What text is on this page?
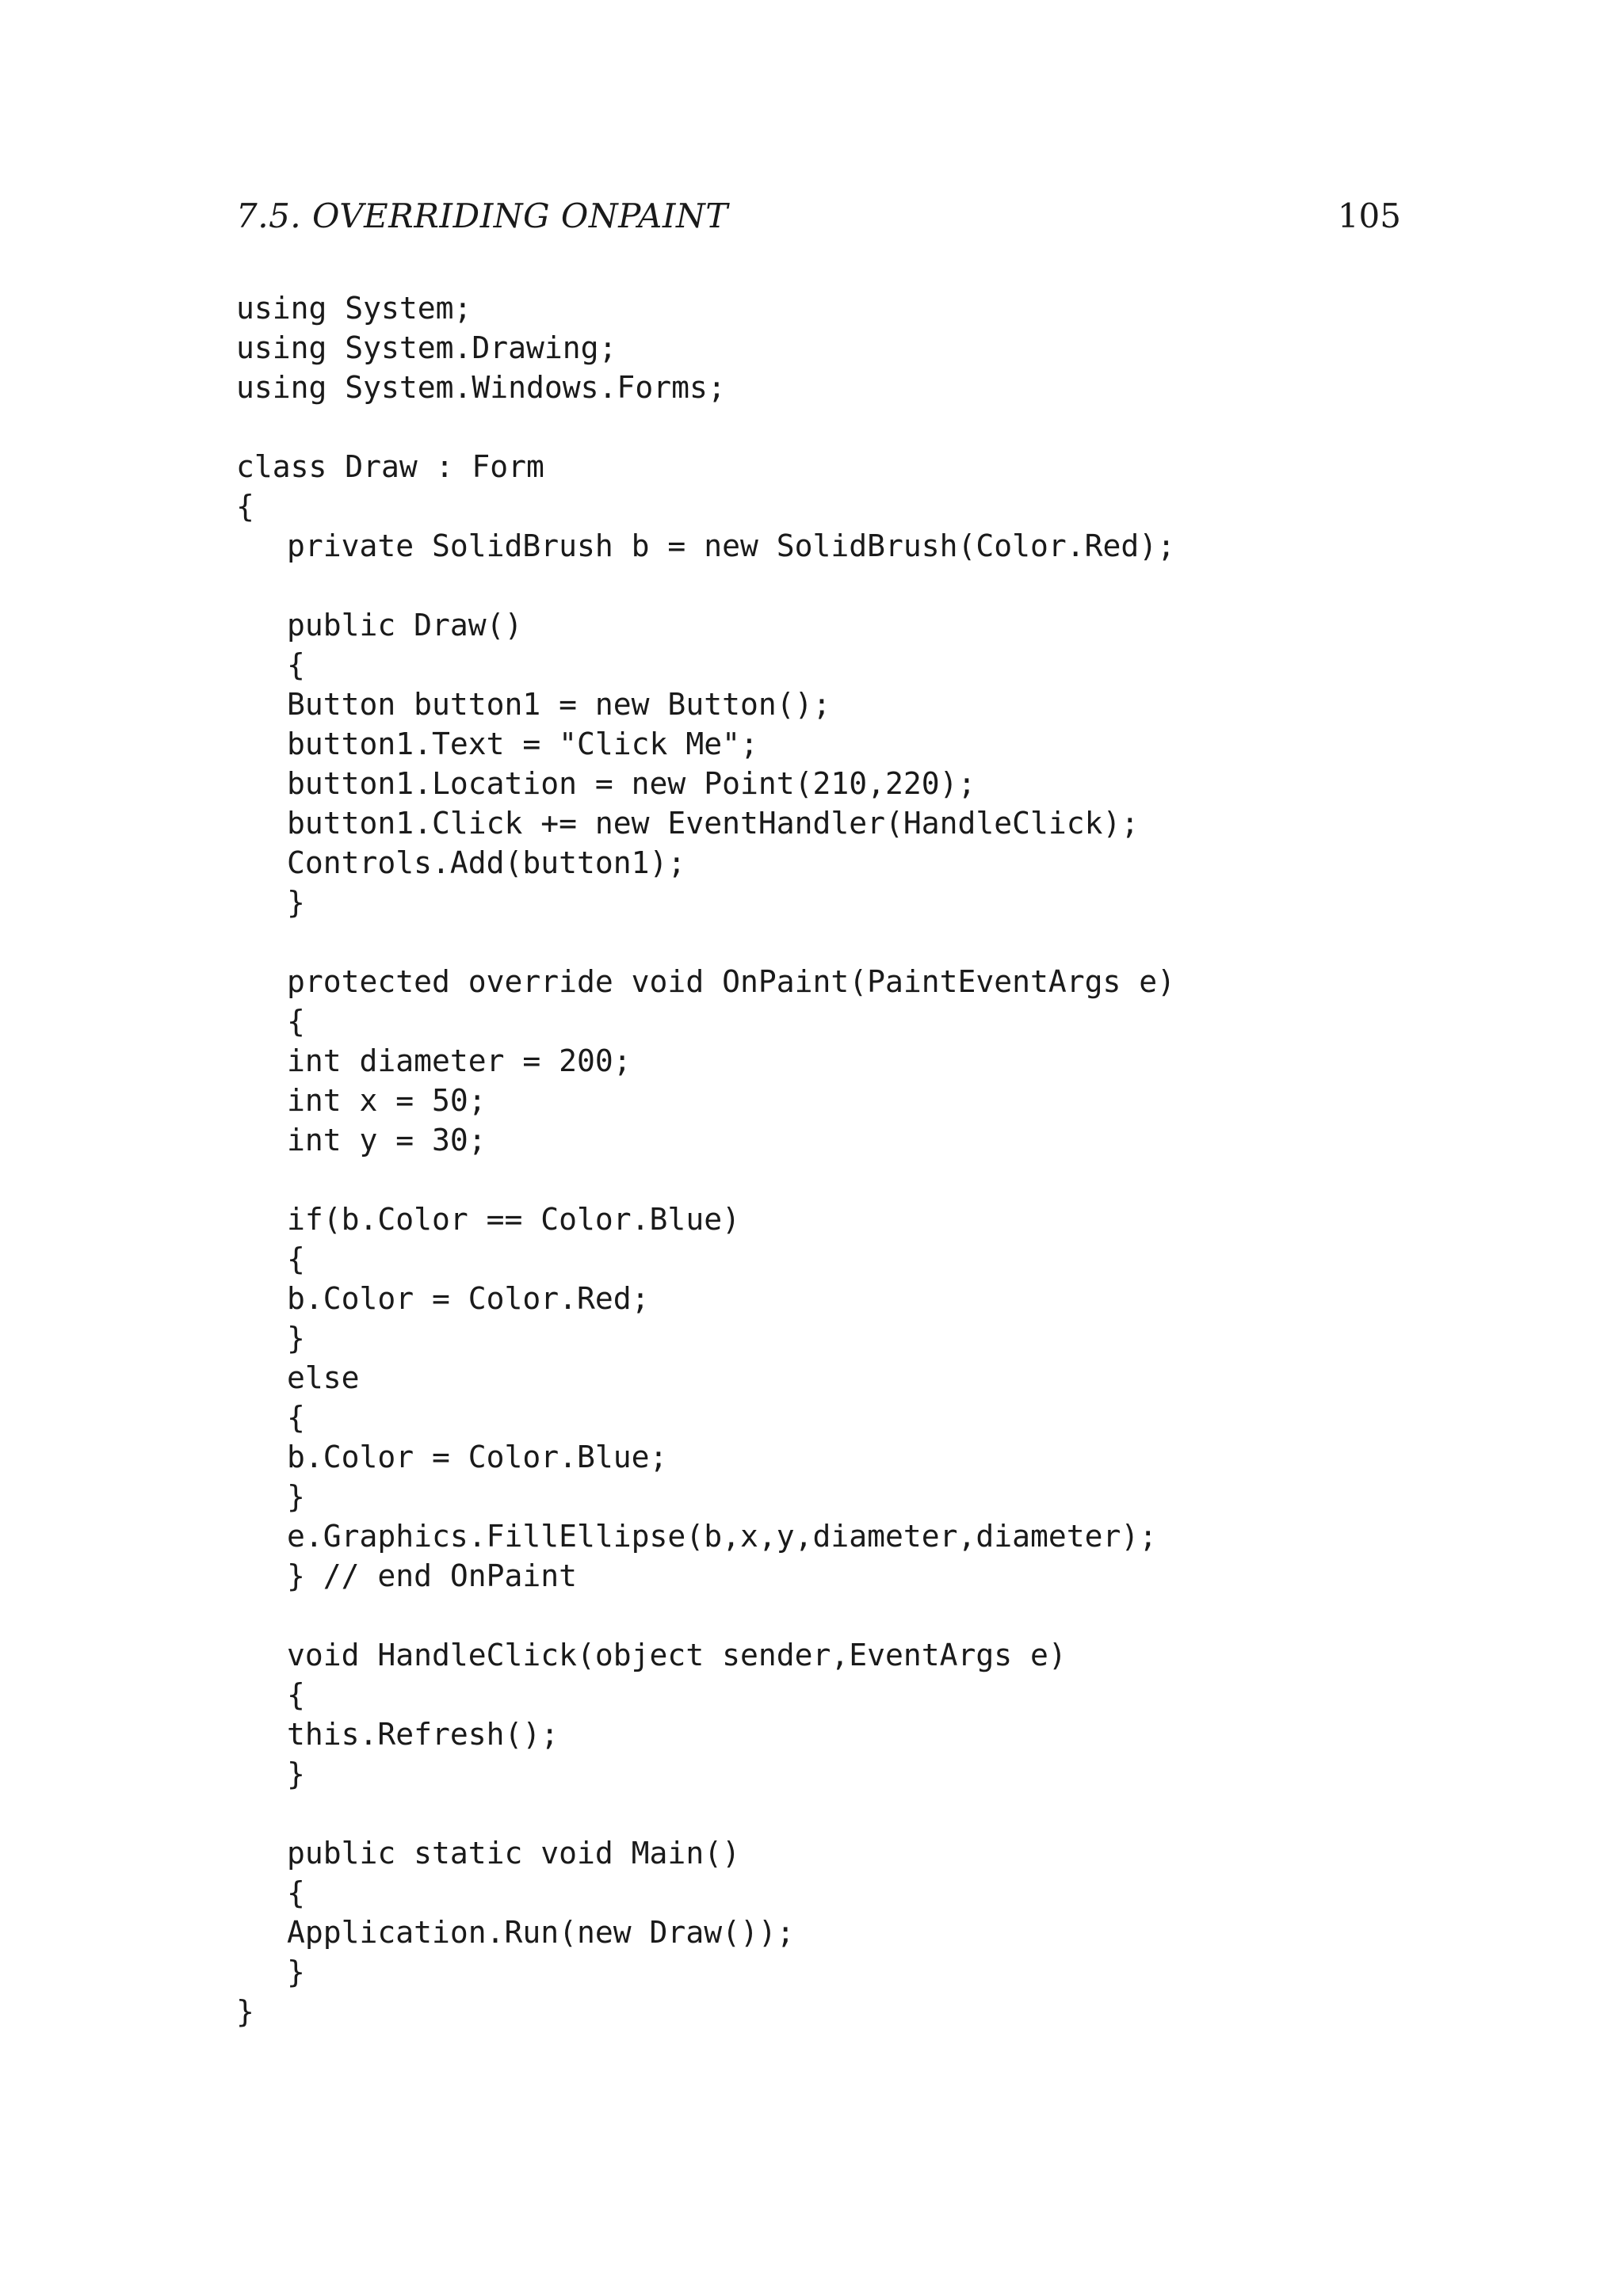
7.5. OVERRIDING ONPAINT	105
using System;
using System.Drawing;
using System.Windows.Forms;
class Draw : Form
{
private SolidBrush b = new SolidBrush(Color.Red);
public Draw()
{
Button button1 = new Button();
button1.Text = "Click Me";
button1.Location = new Point(210,220);
button1.Click += new EventHandler(HandleClick);
Controls.Add(button1);
}
protected override void OnPaint(PaintEventArgs e)
{
int diameter = 200;
int x = 50;
int y = 30;
if(b.Color == Color.Blue)
{
b.Color = Color.Red;
}
else
{
b.Color = Color.Blue;
}
e.Graphics.FillEllipse(b,x,y,diameter,diameter);
} // end OnPaint
void HandleClick(object sender,EventArgs e)
{
this.Refresh();
}
public static void Main()
{
Application.Run(new Draw());
}
}
